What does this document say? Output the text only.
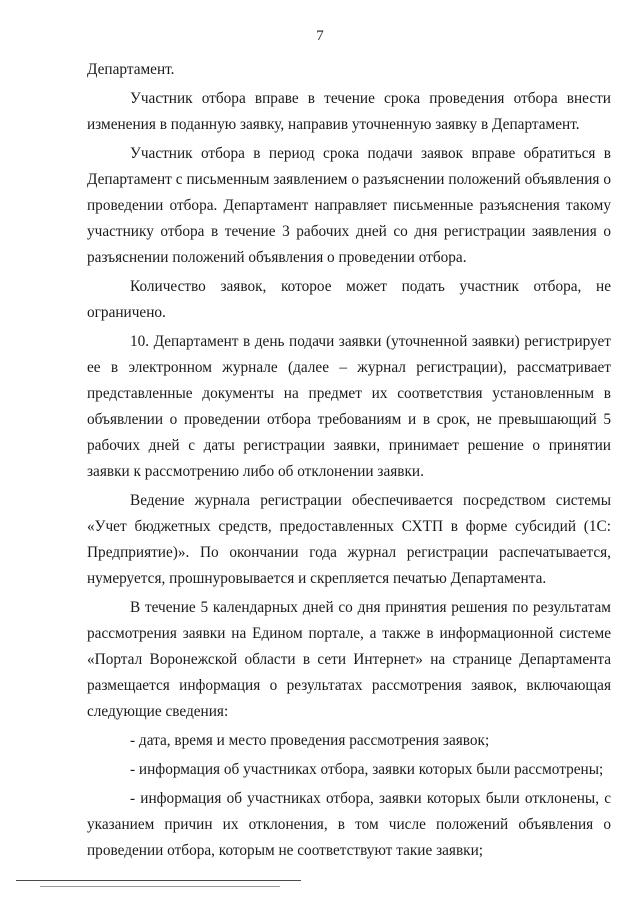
7

Департамент.

Участник отбора вправе в течение срока проведения отбора внести изменения в поданную заявку, направив уточненную заявку в Департамент.

Участник отбора в период срока подачи заявок вправе обратиться в Департамент с письменным заявлением о разъяснении положений объявления о проведении отбора. Департамент направляет письменные разъяснения такому участнику отбора в течение 3 рабочих дней со дня регистрации заявления о разъяснении положений объявления о проведении отбора.

Количество заявок, которое может подать участник отбора, не ограничено.

10. Департамент в день подачи заявки (уточненной заявки) регистрирует ее в электронном журнале (далее – журнал регистрации), рассматривает представленные документы на предмет их соответствия установленным в объявлении о проведении отбора требованиям и в срок, не превышающий 5 рабочих дней с даты регистрации заявки, принимает решение о принятии заявки к рассмотрению либо об отклонении заявки.

Ведение журнала регистрации обеспечивается посредством системы «Учет бюджетных средств, предоставленных СХТП в форме субсидий (1С: Предприятие)». По окончании года журнал регистрации распечатывается, нумеруется, прошнуровывается и скрепляется печатью Департамента.

В течение 5 календарных дней со дня принятия решения по результатам рассмотрения заявки на Едином портале, а также в информационной системе «Портал Воронежской области в сети Интернет» на странице Департамента размещается информация о результатах рассмотрения заявок, включающая следующие сведения:

- дата, время и место проведения рассмотрения заявок;

- информация об участниках отбора, заявки которых были рассмотрены;

- информация об участниках отбора, заявки которых были отклонены, с указанием причин их отклонения, в том числе положений объявления о проведении отбора, которым не соответствуют такие заявки;
